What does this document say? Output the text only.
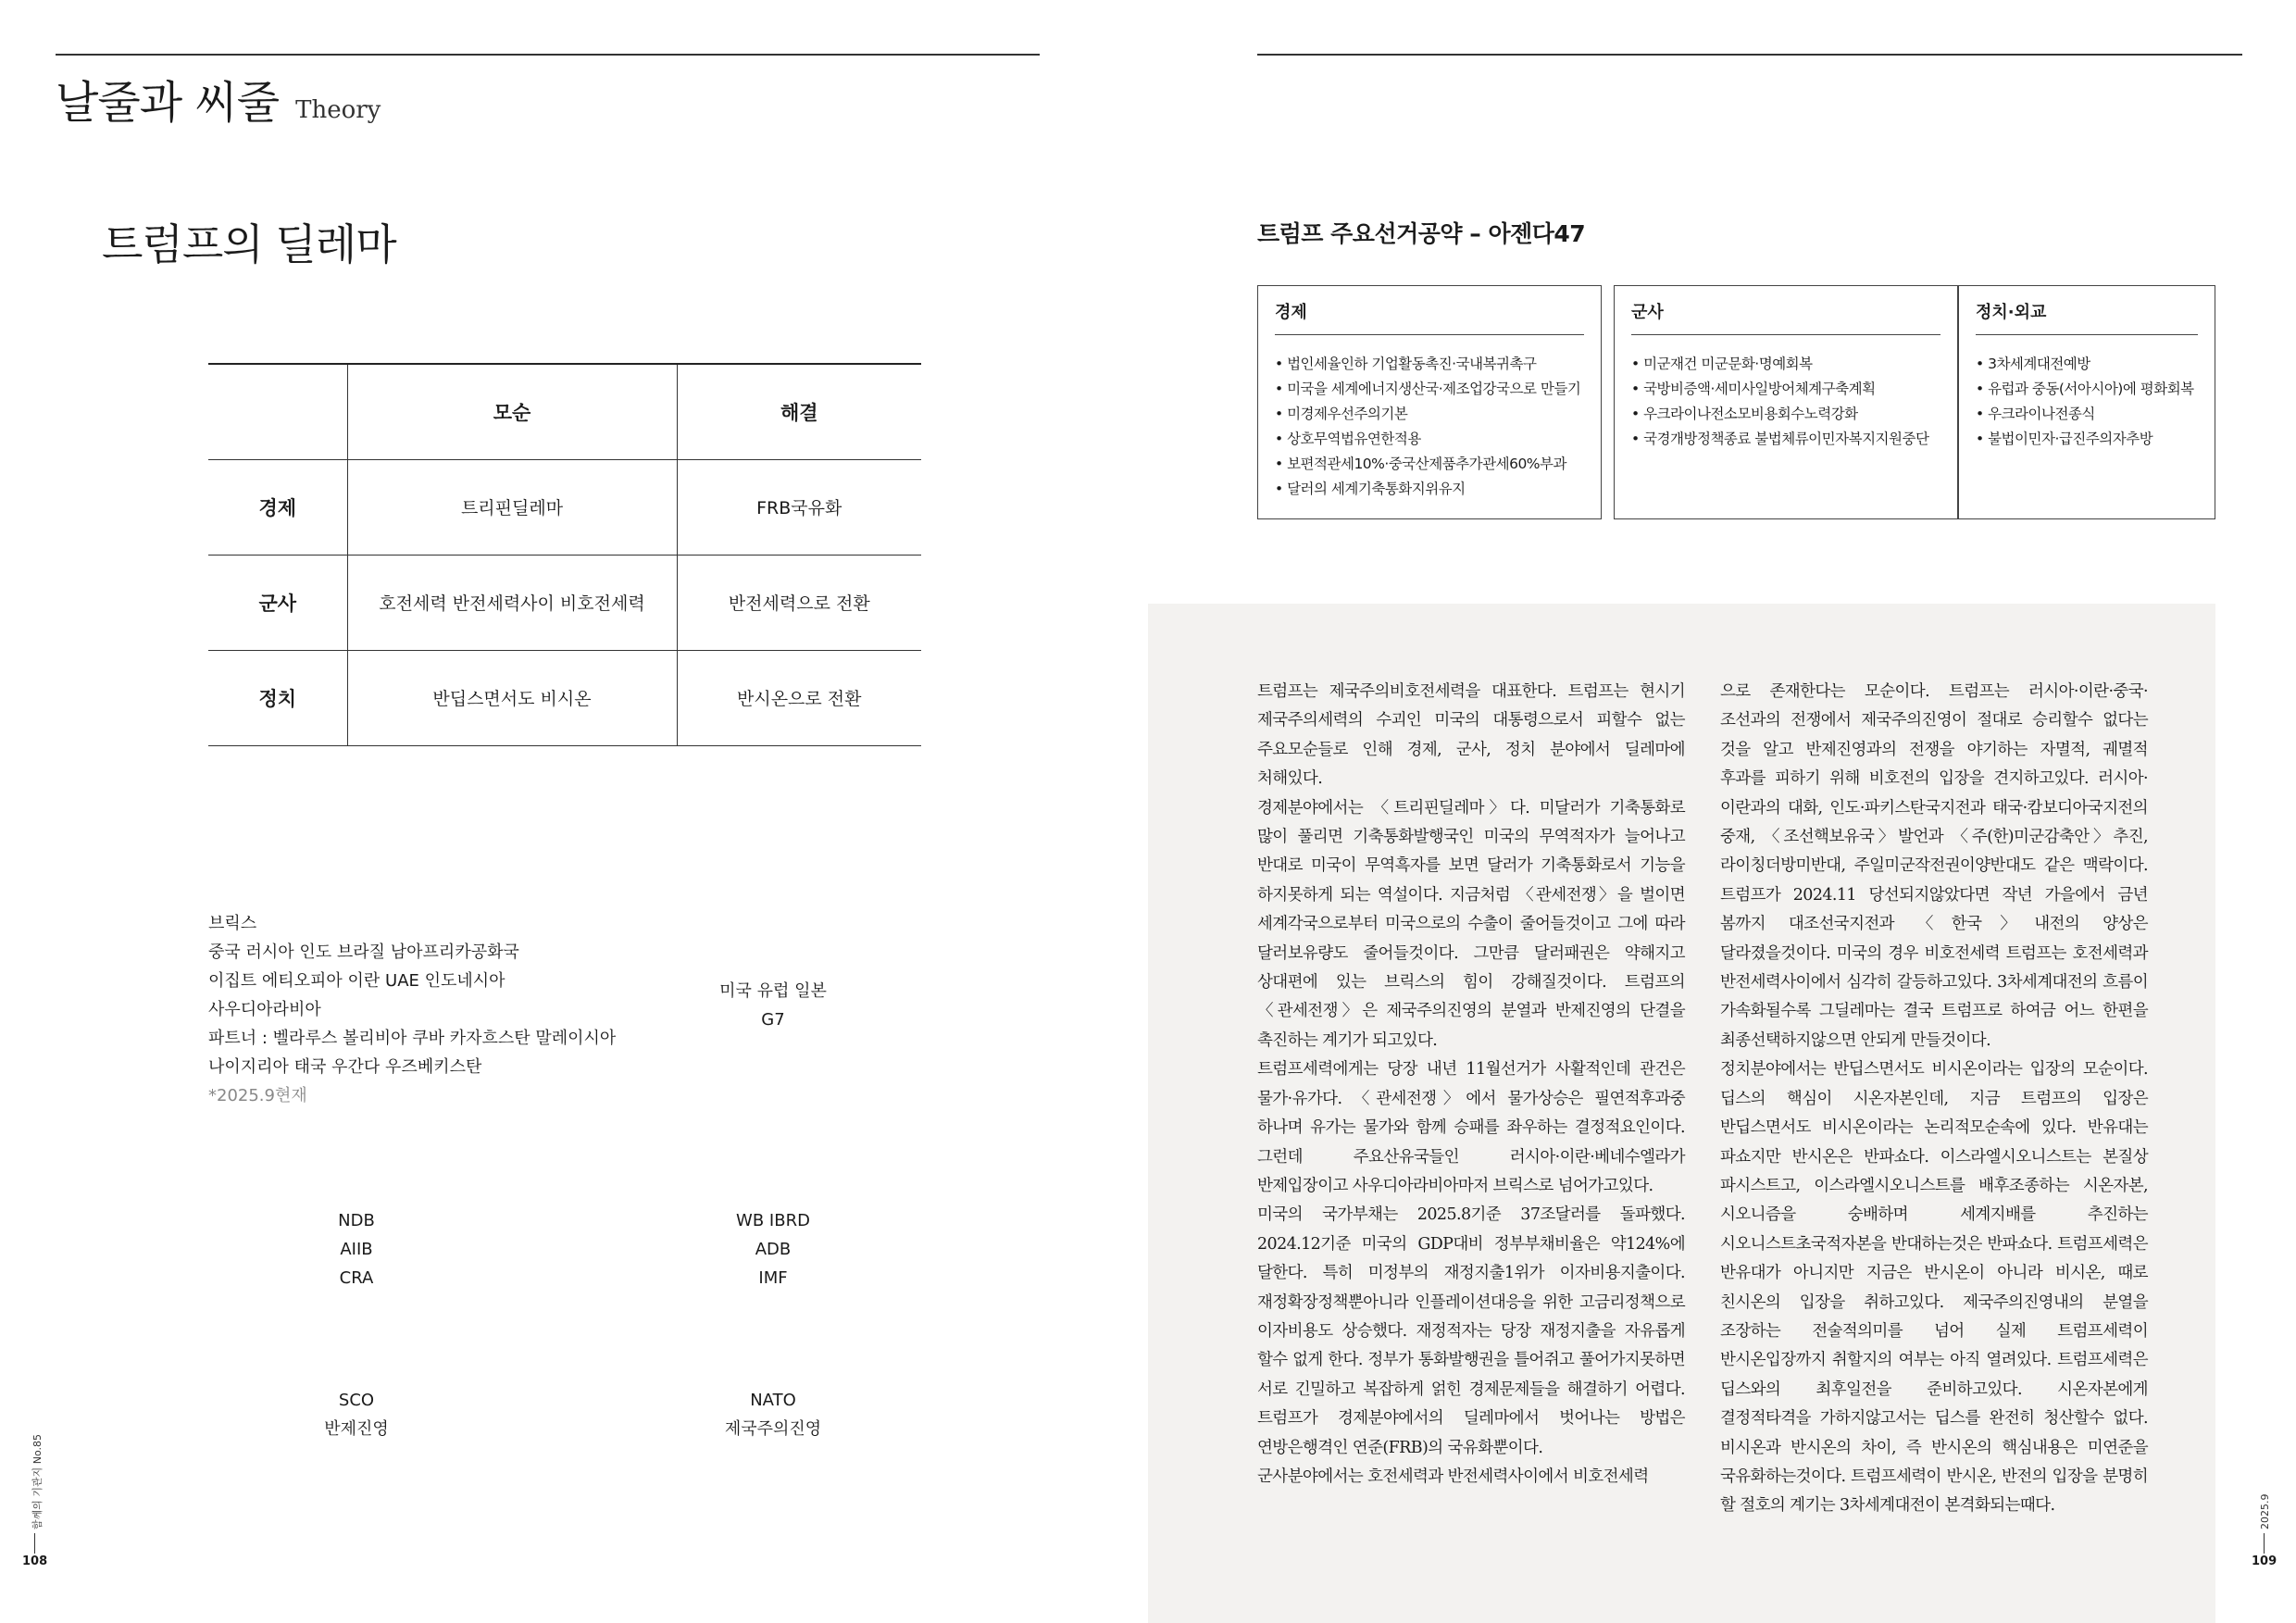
날줄과 씨줄 Theory
트럼프의 딜레마
	모순	해결
경제	트리핀딜레마	FRB국유화
군사	호전세력 반전세력사이 비호전세력	반전세력으로 전환
정치	반딥스면서도 비시온	반시온으로 전환
브릭스
중국 러시아 인도 브라질 남아프리카공화국
이집트 에티오피아 이란 UAE 인도네시아
사우디아라비아
파트너 : 벨라루스 볼리비아 쿠바 카자흐스탄 말레이시아
나이지리아 태국 우간다 우즈베키스탄
*2025.9현재
미국 유럽 일본
G7
NDB
AIIB
CRA
WB IBRD
ADB
IMF
SCO
반제진영
NATO
제국주의진영
트럼프 주요선거공약 – 아젠다47
경제
• 법인세율인하 기업활동촉진·국내복귀촉구
• 미국을 세계에너지생산국·제조업강국으로 만들기
• 미경제우선주의기본
• 상호무역법유연한적용
• 보편적관세10%·중국산제품추가관세60%부과
• 달러의 세계기축통화지위유지
군사
• 미군재건 미군문화·명예회복
• 국방비증액·세미사일방어체계구축계획
• 우크라이나전소모비용회수노력강화
• 국경개방정책종료 불법체류이민자복지지원중단
정치·외교
• 3차세계대전예방
• 유럽과 중동(서아시아)에 평화회복
• 우크라이나전종식
• 불법이민자·급진주의자추방

트럼프는 제국주의비호전세력을 대표한다. 트럼프는 현시기 제국주의세력의 수괴인 미국의 대통령으로서 피할수 없는 주요모순들로 인해 경제, 군사, 정치 분야에서 딜레마에 처해있다.

경제분야에서는 〈트리핀딜레마〉다. 미달러가 기축통화로 많이 풀리면 기축통화발행국인 미국의 무역적자가 늘어나고 반대로 미국이 무역흑자를 보면 달러가 기축통화로서 기능을 하지못하게 되는 역설이다. 지금처럼 〈관세전쟁〉을 벌이면 세계각국으로부터 미국으로의 수출이 줄어들것이고 그에 따라 달러보유량도 줄어들것이다. 그만큼 달러패권은 약해지고 상대편에 있는 브릭스의 힘이 강해질것이다. 트럼프의 〈관세전쟁〉은 제국주의진영의 분열과 반제진영의 단결을 촉진하는 계기가 되고있다.

트럼프세력에게는 당장 내년 11월선거가 사활적인데 관건은 물가·유가다. 〈관세전쟁〉에서 물가상승은 필연적후과중 하나며 유가는 물가와 함께 승패를 좌우하는 결정적요인이다. 그런데 주요산유국들인 러시아·이란·베네수엘라가 반제입장이고 사우디아라비아마저 브릭스로 넘어가고있다.

미국의 국가부채는 2025.8기준 37조달러를 돌파했다. 2024.12기준 미국의 GDP대비 정부부채비율은 약124%에 달한다. 특히 미정부의 재정지출1위가 이자비용지출이다. 재정확장정책뿐아니라 인플레이션대응을 위한 고금리정책으로 이자비용도 상승했다. 재정적자는 당장 재정지출을 자유롭게 할수 없게 한다. 정부가 통화발행권을 틀어쥐고 풀어가지못하면 서로 긴밀하고 복잡하게 얽힌 경제문제들을 해결하기 어렵다. 트럼프가 경제분야에서의 딜레마에서 벗어나는 방법은 연방은행격인 연준(FRB)의 국유화뿐이다.

군사분야에서는 호전세력과 반전세력사이에서 비호전세력

으로 존재한다는 모순이다. 트럼프는 러시아·이란·중국·조선과의 전쟁에서 제국주의진영이 절대로 승리할수 없다는 것을 알고 반제진영과의 전쟁을 야기하는 자멸적, 궤멸적 후과를 피하기 위해 비호전의 입장을 견지하고있다. 러시아·이란과의 대화, 인도·파키스탄국지전과 태국·캄보디아국지전의 중재, 〈조선핵보유국〉발언과 〈주(한)미군감축안〉추진, 라이칭더방미반대, 주일미군작전권이양반대도 같은 맥락이다. 트럼프가 2024.11 당선되지않았다면 작년 가을에서 금년 봄까지 대조선국지전과 〈한국〉내전의 양상은 달라졌을것이다. 미국의 경우 비호전세력 트럼프는 호전세력과 반전세력사이에서 심각히 갈등하고있다. 3차세계대전의 흐름이 가속화될수록 그딜레마는 결국 트럼프로 하여금 어느 한편을 최종선택하지않으면 안되게 만들것이다.

정치분야에서는 반딥스면서도 비시온이라는 입장의 모순이다. 딥스의 핵심이 시온자본인데, 지금 트럼프의 입장은 반딥스면서도 비시온이라는 논리적모순속에 있다. 반유대는 파쇼지만 반시온은 반파쇼다. 이스라엘시오니스트는 본질상 파시스트고, 이스라엘시오니스트를 배후조종하는 시온자본, 시오니즘을 숭배하며 세계지배를 추진하는 시오니스트초국적자본을 반대하는것은 반파쇼다. 트럼프세력은 반유대가 아니지만 지금은 반시온이 아니라 비시온, 때로 친시온의 입장을 취하고있다. 제국주의진영내의 분열을 조장하는 전술적의미를 넘어 실제 트럼프세력이 반시온입장까지 취할지의 여부는 아직 열려있다. 트럼프세력은 딥스와의 최후일전을 준비하고있다. 시온자본에게 결정적타격을 가하지않고서는 딥스를 완전히 청산할수 없다. 비시온과 반시온의 차이, 즉 반시온의 핵심내용은 미연준을 국유화하는것이다. 트럼프세력이 반시온, 반전의 입장을 분명히 할 절호의 계기는 3차세계대전이 본격화되는때다.

함께의 기관지 No.85
108
2025.9
109
